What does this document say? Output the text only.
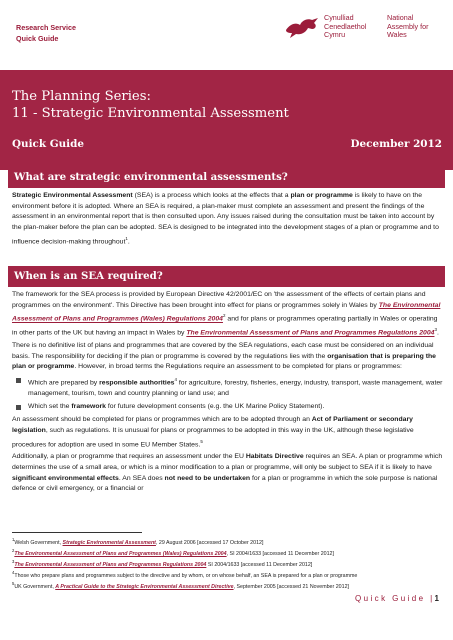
Research Service
Quick Guide
Cynulliad
Cenedlaethol
Cymru
National
Assembly for
Wales
The Planning Series:
11 - Strategic Environmental Assessment
Quick Guide	December 2012
What are strategic environmental assessments?

Strategic Environmental Assessment (SEA) is a process which looks at the effects that a plan or programme is likely to have on the environment before it is adopted. Where an SEA is required, a plan-maker must complete an assessment and present the findings of the assessment in an environmental report that is then consulted upon. Any issues raised during the consultation must be taken into account by the plan-maker before the plan can be adopted. SEA is designed to be integrated into the development stages of a plan or programme and to influence decision-making throughout$^1$.

When is an SEA required?

The framework for the SEA process is provided by European Directive 42/2001/EC on 'the assessment of the effects of certain plans and programmes on the environment'. This Directive has been brought into effect for plans or programmes solely in Wales by The Environmental Assessment of Plans and Programmes (Wales) Regulations 2004$^2$ and for plans or programmes operating partially in Wales or operating in other parts of the UK but having an impact in Wales by The Environmental Assessment of Plans and Programmes Regulations 2004$^3$.

There is no definitive list of plans and programmes that are covered by the SEA regulations, each case must be considered on an individual basis. The responsibility for deciding if the plan or programme is covered by the regulations lies with the organisation that is preparing the plan or programme. However, in broad terms the Regulations require an assessment to be completed for plans or programmes:

Which are prepared by responsible authorities$^4$ for agriculture, forestry, fisheries, energy, industry, transport, waste management, water management, tourism, town and country planning or land use; and
Which set the framework for future development consents (e.g. the UK Marine Policy Statement).

An assessment should be completed for plans or programmes which are to be adopted through an Act of Parliament or secondary legislation, such as regulations. It is unusual for plans or programmes to be adopted in this way in the UK, although these legislative procedures for adoption are used in some EU Member States.$^5$

Additionally, a plan or programme that requires an assessment under the EU Habitats Directive requires an SEA. A plan or programme which determines the use of a small area, or which is a minor modification to a plan or programme, will only be subject to SEA if it is likely to have significant environmental effects. An SEA does not need to be undertaken for a plan or programme in which the sole purpose is national defence or civil emergency, or a financial or

$^1$Welsh Government, Strategic Environmental Assessment, 29 August 2006 [accessed 17 October 2012]
$^2$The Environmental Assessment of Plans and Programmes (Wales) Regulations 2004, SI 2004/1633 [accessed 11 December 2012]
$^3$The Environmental Assessment of Plans and Programmes Regulations 2004 SI 2004/1633 [accessed 11 December 2012]
$^4$Those who prepare plans and programmes subject to the directive and by whom, or on whose behalf, an SEA is prepared for a plan or programme
$^5$UK Government, A Practical Guide to the Strategic Environmental Assessment Directive, September 2005 [accessed 21 November 2012]
Quick Guide |1
